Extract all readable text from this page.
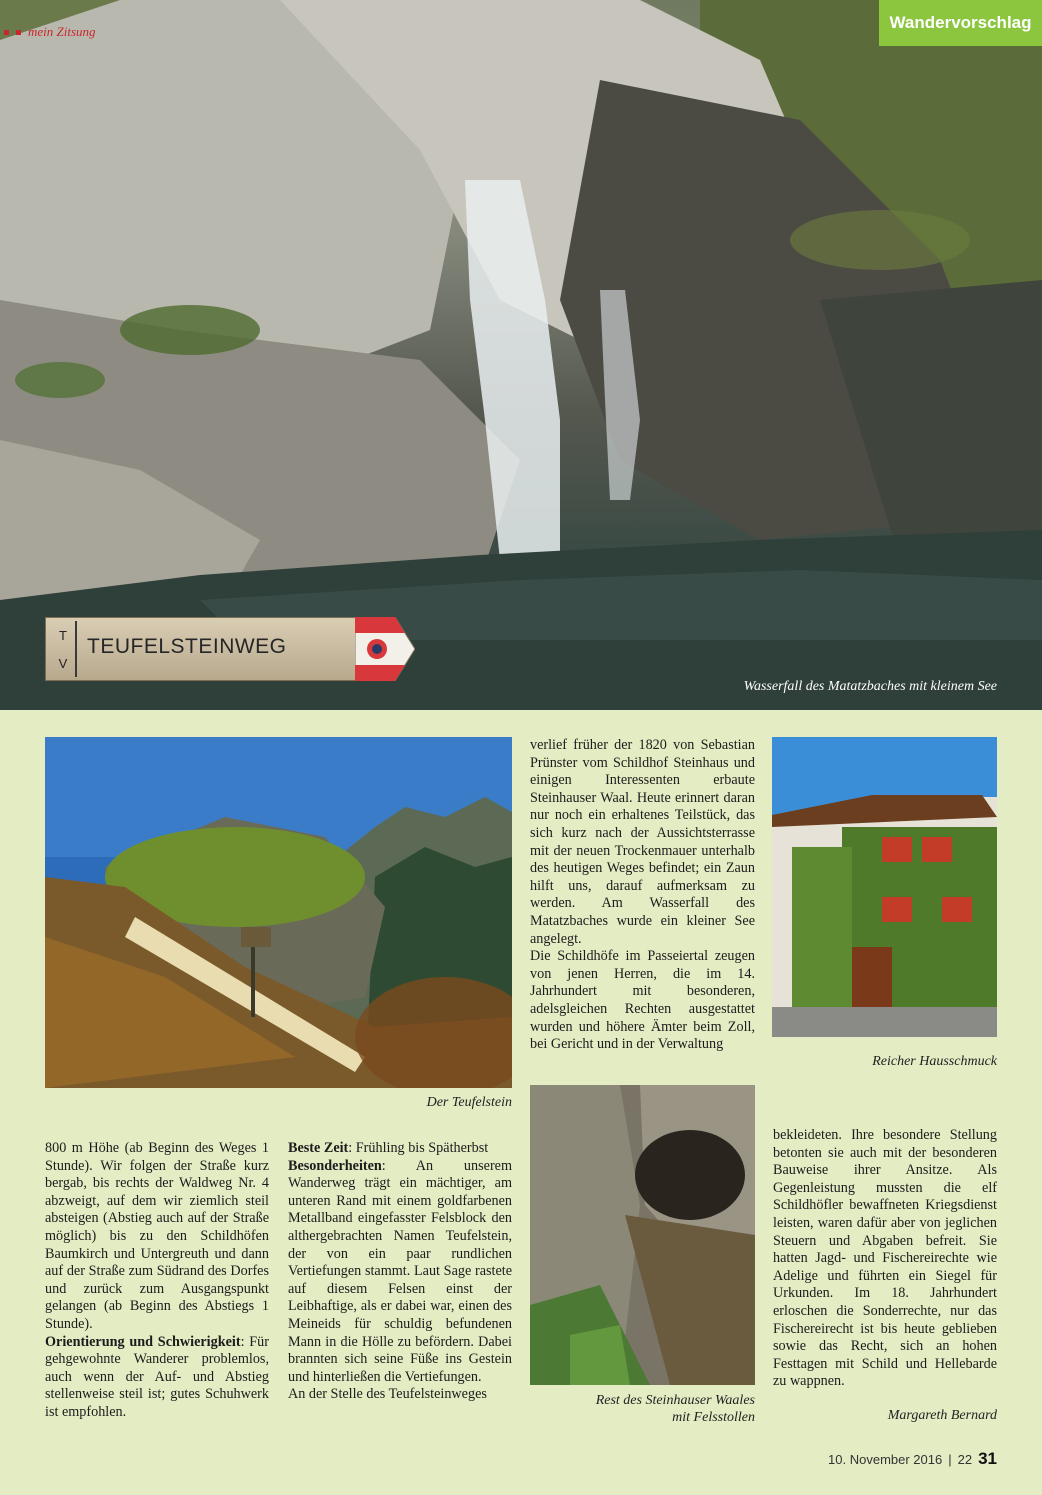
mein Zitsung	Wandervorschlag
T
V
TEUFELSTEINWEG
Wasserfall des Matatzbaches mit kleinem See
Der Teufelstein
Reicher Hausschmuck
Rest des Steinhauser Waales
mit Felsstollen

verlief früher der 1820 von Sebastian Prünster vom Schildhof Steinhaus und einigen Interessenten erbaute Steinhauser Waal. Heute erinnert daran nur noch ein erhaltenes Teilstück, das sich kurz nach der Aussichtsterrasse mit der neuen Trockenmauer unterhalb des heutigen Weges befindet; ein Zaun hilft uns, darauf aufmerksam zu werden. Am Wasserfall des Matatzbaches wurde ein kleiner See angelegt.

Die Schildhöfe im Passeiertal zeugen von jenen Herren, die im 14. Jahrhundert mit besonderen, adelsgleichen Rechten ausgestattet wurden und höhere Ämter beim Zoll, bei Gericht und in der Verwaltung

800 m Höhe (ab Beginn des Weges 1 Stunde). Wir folgen der Straße kurz bergab, bis rechts der Waldweg Nr. 4 abzweigt, auf dem wir ziemlich steil absteigen (Abstieg auch auf der Straße möglich) bis zu den Schildhöfen Baumkirch und Untergreuth und dann auf der Straße zum Südrand des Dorfes und zurück zum Ausgangspunkt gelangen (ab Beginn des Abstiegs 1 Stunde).

Orientierung und Schwierigkeit: Für gehgewohnte Wanderer problemlos, auch wenn der Auf- und Abstieg stellenweise steil ist; gutes Schuhwerk ist empfohlen.

Beste Zeit: Frühling bis Spätherbst

Besonderheiten: An unserem Wanderweg trägt ein mächtiger, am unteren Rand mit einem goldfarbenen Metallband eingefasster Felsblock den althergebrachten Namen Teufelstein, der von ein paar rundlichen Vertiefungen stammt. Laut Sage rastete auf diesem Felsen einst der Leibhaftige, als er dabei war, einen des Meineids für schuldig befundenen Mann in die Hölle zu befördern. Dabei brannten sich seine Füße ins Gestein und hinterließen die Vertiefungen.

An der Stelle des Teufelsteinweges

bekleideten. Ihre besondere Stellung betonten sie auch mit der besonderen Bauweise ihrer Ansitze. Als Gegenleistung mussten die elf Schildhöfler bewaffneten Kriegsdienst leisten, waren dafür aber von jeglichen Steuern und Abgaben befreit. Sie hatten Jagd- und Fischereirechte wie Adelige und führten ein Siegel für Urkunden. Im 18. Jahrhundert erloschen die Sonderrechte, nur das Fischereirecht ist bis heute geblieben sowie das Recht, sich an hohen Festtagen mit Schild und Hellebarde zu wappnen.

Margareth Bernard
10. November 2016 | 22 31
